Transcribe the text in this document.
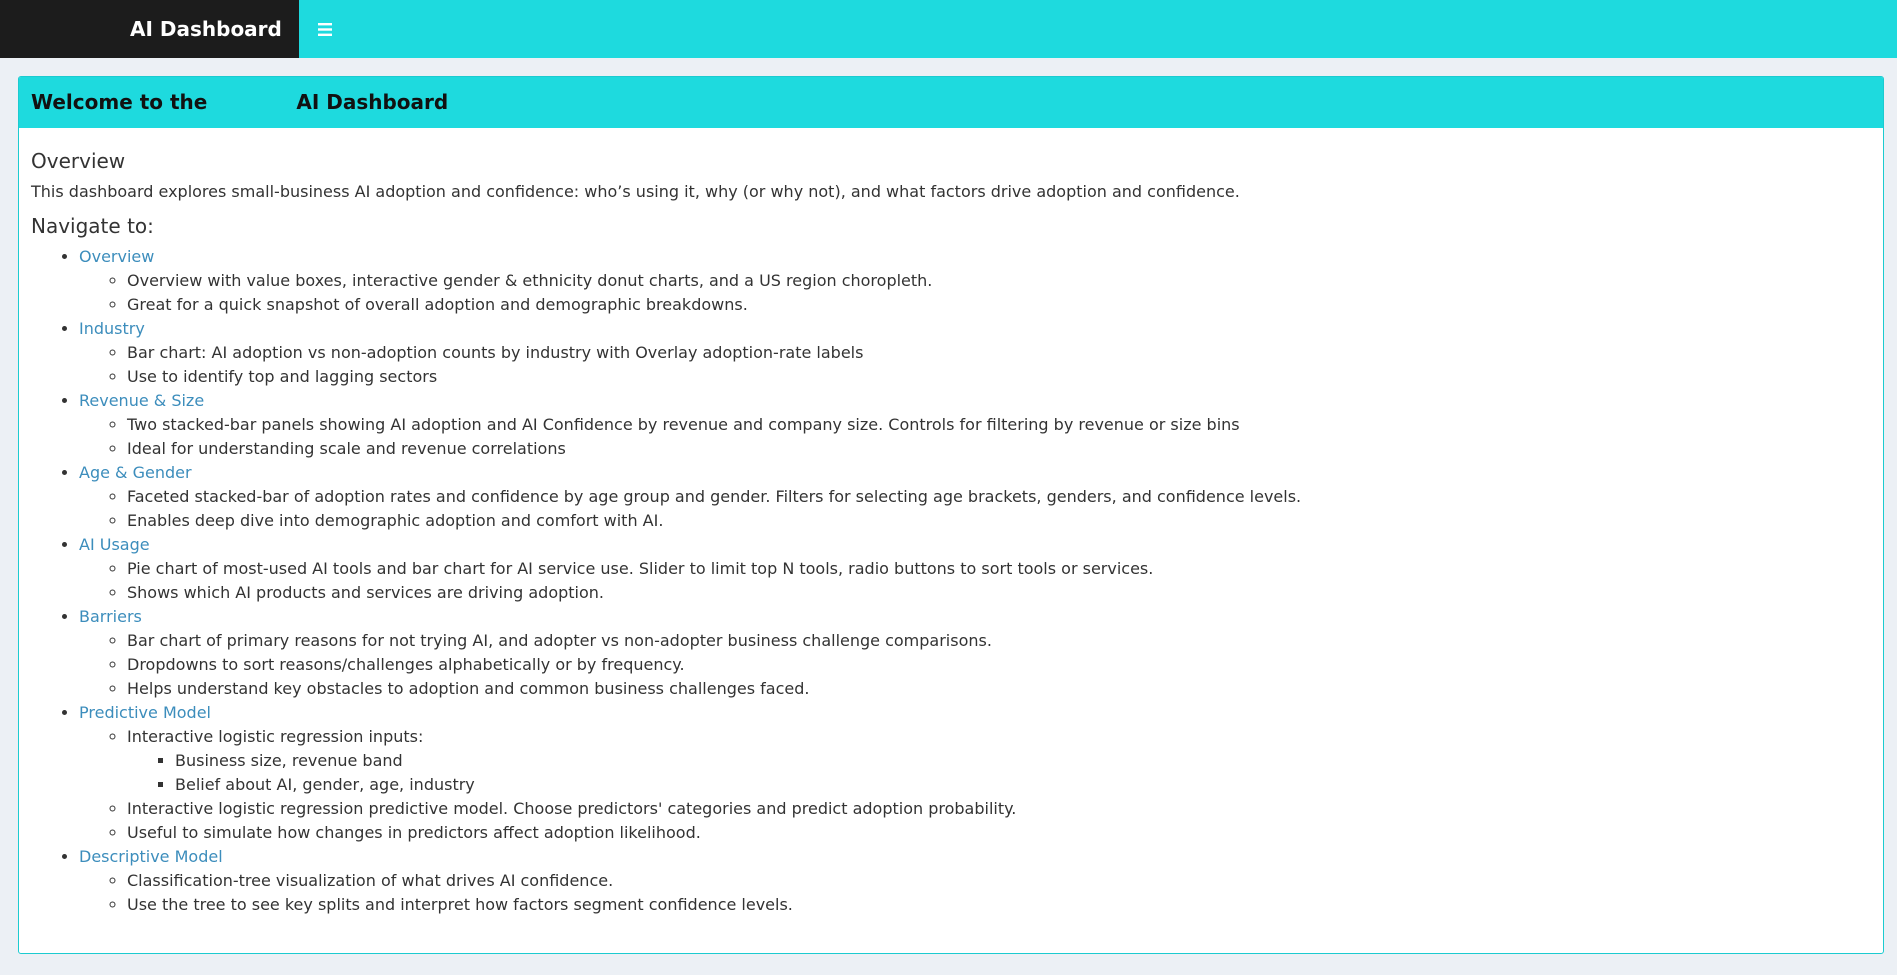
AI Dashboard
Welcome to the	AI Dashboard
Overview

This dashboard explores small-business AI adoption and confidence: who’s using it, why (or why not), and what factors drive adoption and confidence.

Navigate to:
• Overview
◦ Overview with value boxes, interactive gender & ethnicity donut charts, and a US region choropleth.
◦ Great for a quick snapshot of overall adoption and demographic breakdowns.
• Industry
◦ Bar chart: AI adoption vs non-adoption counts by industry with Overlay adoption-rate labels
◦ Use to identify top and lagging sectors
• Revenue & Size
◦ Two stacked-bar panels showing AI adoption and AI Confidence by revenue and company size. Controls for filtering by revenue or size bins
◦ Ideal for understanding scale and revenue correlations
• Age & Gender
◦ Faceted stacked-bar of adoption rates and confidence by age group and gender. Filters for selecting age brackets, genders, and confidence levels.
◦ Enables deep dive into demographic adoption and comfort with AI.
• AI Usage
◦ Pie chart of most-used AI tools and bar chart for AI service use. Slider to limit top N tools, radio buttons to sort tools or services.
◦ Shows which AI products and services are driving adoption.
• Barriers
◦ Bar chart of primary reasons for not trying AI, and adopter vs non-adopter business challenge comparisons.
◦ Dropdowns to sort reasons/challenges alphabetically or by frequency.
◦ Helps understand key obstacles to adoption and common business challenges faced.
• Predictive Model
◦ Interactive logistic regression inputs:
▪ Business size, revenue band
▪ Belief about AI, gender, age, industry
◦ Interactive logistic regression predictive model. Choose predictors' categories and predict adoption probability.
◦ Useful to simulate how changes in predictors affect adoption likelihood.
• Descriptive Model
◦ Classification-tree visualization of what drives AI confidence.
◦ Use the tree to see key splits and interpret how factors segment confidence levels.
